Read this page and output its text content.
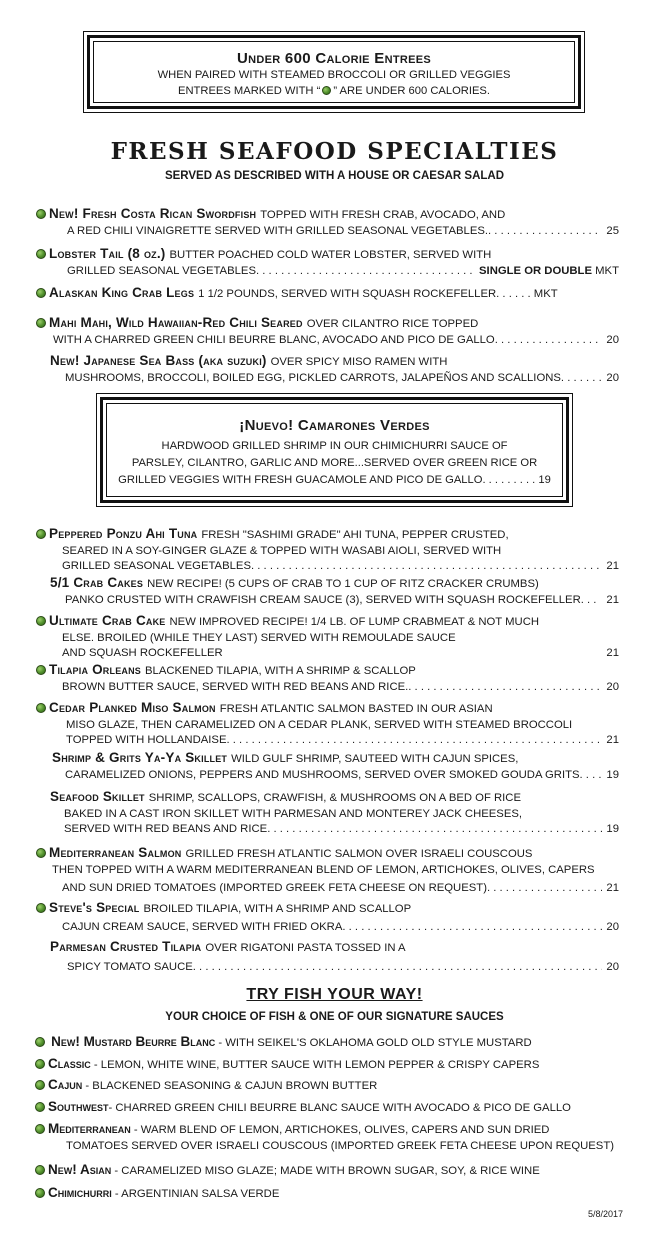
Under 600 Calorie Entrees
WHEN PAIRED WITH STEAMED BROCCOLI OR GRILLED VEGGIES
ENTREES MARKED WITH “ ” ARE UNDER 600 CALORIES.
FRESH SEAFOOD SPECIALTIES
SERVED AS DESCRIBED WITH A HOUSE OR CAESAR SALAD
New! Fresh Costa Rican Swordfish TOPPED WITH FRESH CRAB, AVOCADO, AND
A RED CHILI VINAIGRETTE SERVED WITH GRILLED SEASONAL VEGETABLES. . . .	25
Lobster Tail (8 oz.) BUTTER POACHED COLD WATER LOBSTER, SERVED WITH
GRILLED SEASONAL VEGETABLES . . .	SINGLE OR DOUBLE MKT
Alaskan King Crab Legs 1 1/2 POUNDS, SERVED WITH SQUASH ROCKEFELLER. . . . . . MKT
Mahi Mahi, Wild Hawaiian-Red Chili Seared OVER CILANTRO RICE TOPPED
WITH A CHARRED GREEN CHILI BEURRE BLANC, AVOCADO AND PICO DE GALLO . . .	20
New! Japanese Sea Bass (aka suzuki) OVER SPICY MISO RAMEN WITH
MUSHROOMS, BROCCOLI, BOILED EGG, PICKLED CARROTS, JALAPEÑOS AND SCALLIONS . . .	20
¡Nuevo! Camarones Verdes
HARDWOOD GRILLED SHRIMP IN OUR CHIMICHURRI SAUCE OF
PARSLEY, CILANTRO, GARLIC AND MORE...SERVED OVER GREEN RICE OR
GRILLED VEGGIES WITH FRESH GUACAMOLE AND PICO DE GALLO. . . . . . . . . 19
Peppered Ponzu Ahi Tuna FRESH "SASHIMI GRADE" AHI TUNA, PEPPER CRUSTED,
SEARED IN A SOY-GINGER GLAZE & TOPPED WITH WASABI AIOLI, SERVED WITH
GRILLED SEASONAL VEGETABLES . . .	21
5/1 Crab Cakes NEW RECIPE! (5 CUPS OF CRAB TO 1 CUP OF RITZ CRACKER CRUMBS)
PANKO CRUSTED WITH CRAWFISH CREAM SAUCE (3), SERVED WITH SQUASH ROCKEFELLER. . . 21
Ultimate Crab Cake NEW IMPROVED RECIPE! 1/4 LB. OF LUMP CRABMEAT & NOT MUCH
ELSE. BROILED (WHILE THEY LAST) SERVED WITH REMOULADE SAUCE
AND SQUASH ROCKEFELLER	21
Tilapia Orleans BLACKENED TILAPIA, WITH A SHRIMP & SCALLOP
BROWN BUTTER SAUCE, SERVED WITH RED BEANS AND RICE. . . .	20
Cedar Planked Miso Salmon FRESH ATLANTIC SALMON BASTED IN OUR ASIAN
MISO GLAZE, THEN CARAMELIZED ON A CEDAR PLANK, SERVED WITH STEAMED BROCCOLI
TOPPED WITH HOLLANDAISE . . .	21
Shrimp & Grits Ya-Ya Skillet WILD GULF SHRIMP, SAUTEED WITH CAJUN SPICES,
CARAMELIZED ONIONS, PEPPERS AND MUSHROOMS, SERVED OVER SMOKED GOUDA GRITS. . . . 19
Seafood Skillet SHRIMP, SCALLOPS, CRAWFISH, & MUSHROOMS ON A BED OF RICE
BAKED IN A CAST IRON SKILLET WITH PARMESAN AND MONTEREY JACK CHEESES,
SERVED WITH RED BEANS AND RICE . . .	19
Mediterranean Salmon GRILLED FRESH ATLANTIC SALMON OVER ISRAELI COUSCOUS
THEN TOPPED WITH A WARM MEDITERRANEAN BLEND OF LEMON, ARTICHOKES, OLIVES, CAPERS
AND SUN DRIED TOMATOES (IMPORTED GREEK FETA CHEESE ON REQUEST) . . .	21
Steve's Special BROILED TILAPIA, WITH A SHRIMP AND SCALLOP
CAJUN CREAM SAUCE, SERVED WITH FRIED OKRA . . .	20
Parmesan Crusted Tilapia OVER RIGATONI PASTA TOSSED IN A
SPICY TOMATO SAUCE . . .	20
TRY FISH YOUR WAY!
YOUR CHOICE OF FISH & ONE OF OUR SIGNATURE SAUCES
New! Mustard Beurre Blanc - WITH SEIKEL'S OKLAHOMA GOLD OLD STYLE MUSTARD
Classic - LEMON, WHITE WINE, BUTTER SAUCE WITH LEMON PEPPER & CRISPY CAPERS
Cajun - BLACKENED SEASONING & CAJUN BROWN BUTTER
Southwest- CHARRED GREEN CHILI BEURRE BLANC SAUCE WITH AVOCADO & PICO DE GALLO
Mediterranean - WARM BLEND OF LEMON, ARTICHOKES, OLIVES, CAPERS AND SUN DRIED
TOMATOES SERVED OVER ISRAELI COUSCOUS (IMPORTED GREEK FETA CHEESE UPON REQUEST)
New! Asian - CARAMELIZED MISO GLAZE; MADE WITH BROWN SUGAR, SOY, & RICE WINE
Chimichurri - ARGENTINIAN SALSA VERDE
5/8/2017
